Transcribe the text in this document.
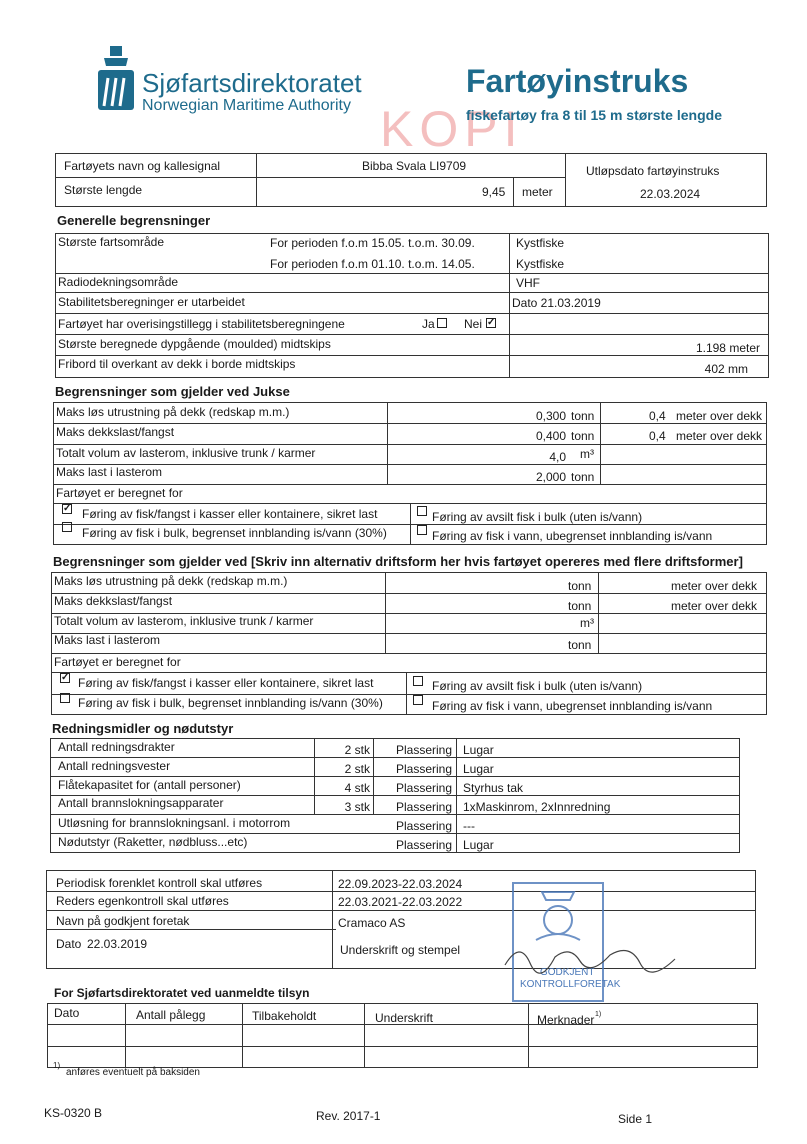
Sjøfartsdirektoratet
Norwegian Maritime Authority
Fartøyinstruks
KOPI
fiskefartøy fra 8 til 15 m største lengde
Fartøyets navn og kallesignal	Bibba Svala LI9709
Største lengde	9,45 meter
Utløpsdato fartøyinstruks
22.03.2024
Generelle begrensninger
Største fartsområde	For perioden f.o.m 15.05. t.o.m. 30.09.	Kystfiske
For perioden f.o.m 01.10. t.o.m. 14.05.	Kystfiske
Radiodekningsområde	VHF
Stabilitetsberegninger er utarbeidet	Dato 21.03.2019
Fartøyet har overisingstillegg i stabilitetsberegningene	Ja Nei ✓
Største beregnede dypgående (moulded) midtskips	1.198 meter
Fribord til overkant av dekk i borde midtskips	402 mm
Begrensninger som gjelder ved Jukse
Maks løs utrustning på dekk (redskap m.m.)	0,300 tonn	0,4 meter over dekk
Maks dekkslast/fangst	0,400 tonn	0,4 meter over dekk
Totalt volum av lasterom, inklusive trunk / karmer	4,0 m³
Maks last i lasterom	2,000 tonn
Fartøyet er beregnet for
✓ Føring av fisk/fangst i kasser eller kontainere, sikret last	Føring av avsilt fisk i bulk (uten is/vann)
Føring av fisk i bulk, begrenset innblanding is/vann (30%)	Føring av fisk i vann, ubegrenset innblanding is/vann
Begrensninger som gjelder ved [Skriv inn alternativ driftsform her hvis fartøyet opereres med flere driftsformer]
Maks løs utrustning på dekk (redskap m.m.)	tonn	meter over dekk
Maks dekkslast/fangst	tonn	meter over dekk
Totalt volum av lasterom, inklusive trunk / karmer	m³
Maks last i lasterom	tonn
Fartøyet er beregnet for
✓ Føring av fisk/fangst i kasser eller kontainere, sikret last	Føring av avsilt fisk i bulk (uten is/vann)
Føring av fisk i bulk, begrenset innblanding is/vann (30%)	Føring av fisk i vann, ubegrenset innblanding is/vann
Redningsmidler og nødutstyr
Antall redningsdrakter	2 stk Plassering Lugar
Antall redningsvester	2 stk Plassering Lugar
Flåtekapasitet for (antall personer)	4 stk Plassering Styrhus tak
Antall brannslokningsapparater	3 stk Plassering 1xMaskinrom, 2xInnredning
Utløsning for brannslokningsanl. i motorrom	Plassering ---
Nødutstyr (Raketter, nødbluss...etc)	Plassering Lugar
Periodisk forenklet kontroll skal utføres	22.09.2023-22.03.2024
Reders egenkontroll skal utføres	22.03.2021-22.03.2022
Navn på godkjent foretak	Cramaco AS
Dato 22.03.2019	Underskrift og stempel
GODKJENT
KONTROLLFORETAK
For Sjøfartsdirektoratet ved uanmeldte tilsyn
Dato	Antall pålegg	Tilbakeholdt	Underskrift	Merknader 1)
1)
anføres eventuelt på baksiden
KS-0320 B	Rev. 2017-1	Side 1
